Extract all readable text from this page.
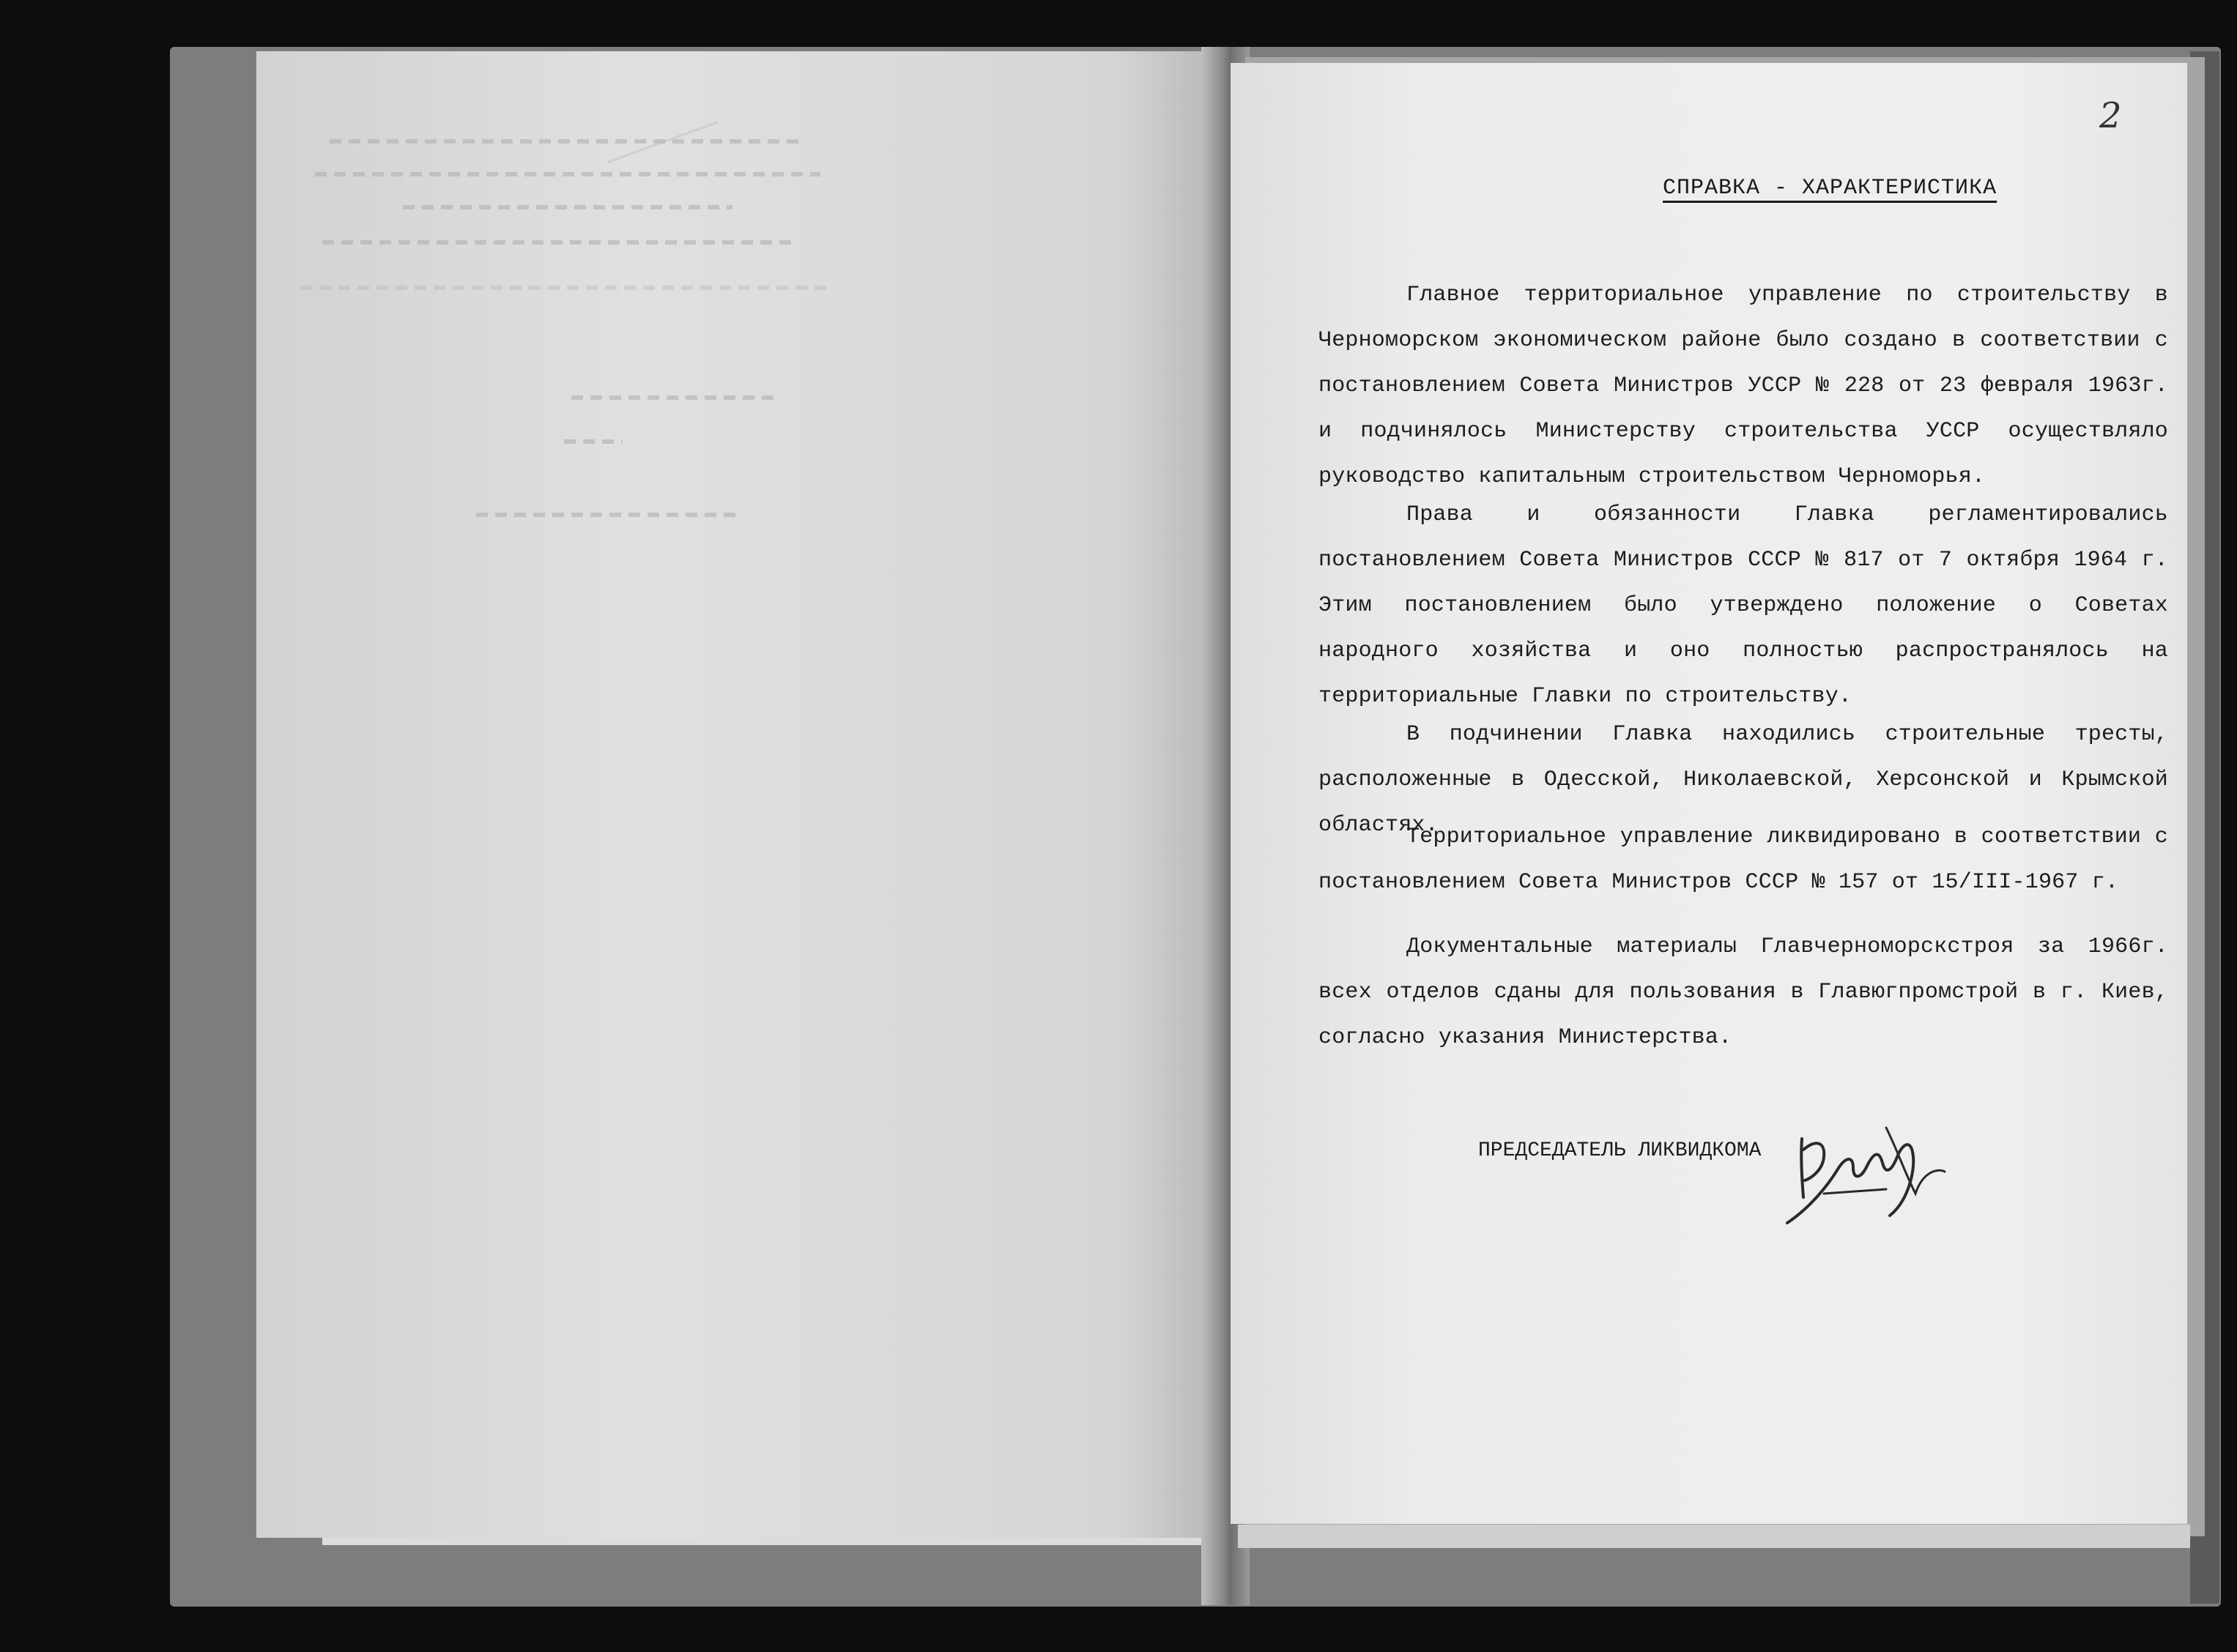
2
СПРАВКА - ХАРАКТЕРИСТИКА
Главное территориальное управление по строительству в Черноморском экономическом районе было создано в соответствии с постановлением Совета Министров УССР № 228 от 23 февраля 1963г. и подчинялось Министерству строительства УССР осуществляло руководство капитальным строительством Черноморья.
Права и обязанности Главка регламентировались постановлением Совета Министров СССР № 817 от 7 октября 1964 г. Этим постановлением было утверждено положение о Советах народного хозяйства и оно полностью распространялось на территориальные Главки по строительству.
В подчинении Главка находились строительные тресты, расположенные в Одесской, Николаевской, Херсонской и Крымской областях.
Территориальное управление ликвидировано в соответствии с постановлением Совета Министров СССР № 157 от 15/III-1967 г.
Документальные материалы Главчерноморскстроя за 1966г. всех отделов сданы для пользования в Главюгпромстрой в г. Киев, согласно указания Министерства.
ПРЕДСЕДАТЕЛЬ ЛИКВИДКОМА
